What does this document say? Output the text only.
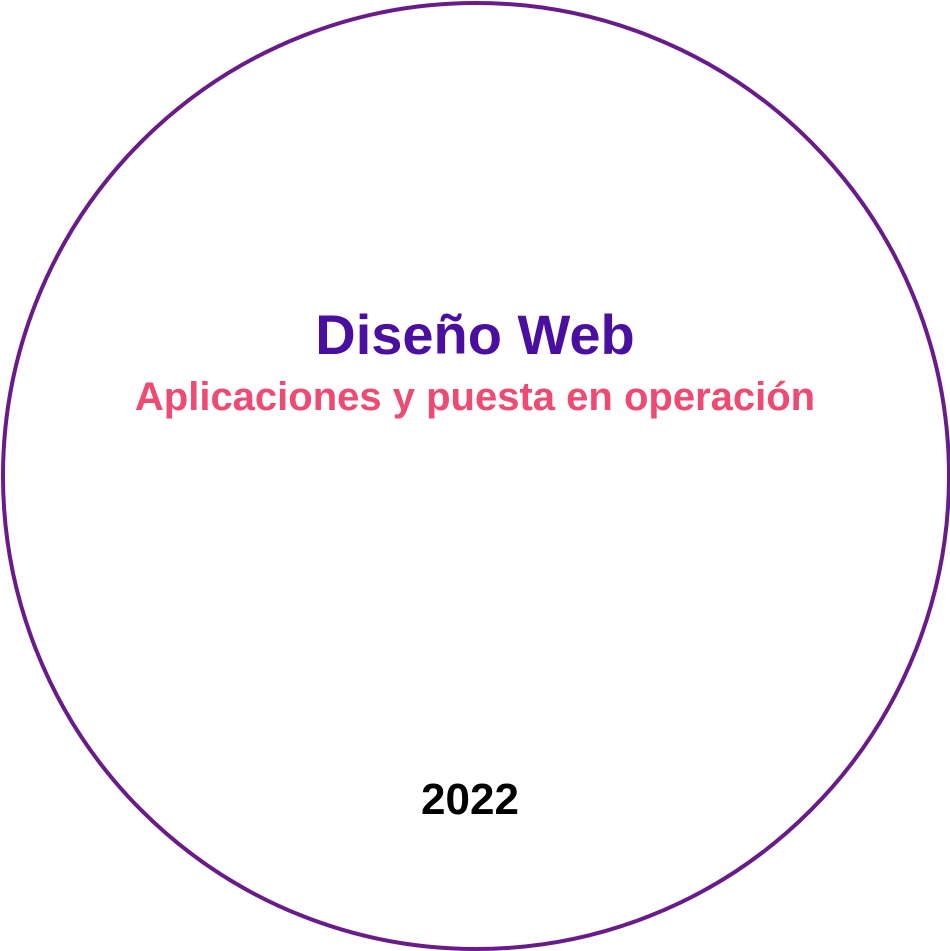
Diseño Web
Aplicaciones y puesta en operación
2022
